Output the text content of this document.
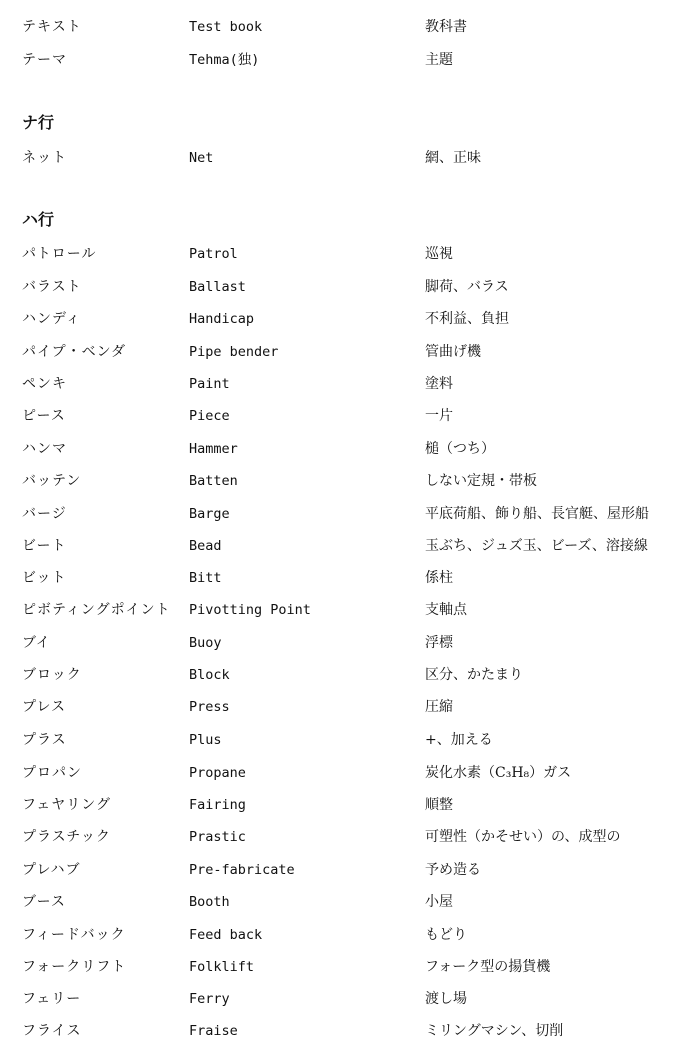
テキスト	Test book	教科書
テーマ	Tehma(独)	主題
ナ行
ネット	Net	網、正味
ハ行
パトロール	Patrol	巡視
バラスト	Ballast	脚荷、バラス
ハンディ	Handicap	不利益、負担
パイプ・ベンダ	Pipe bender	管曲げ機
ペンキ	Paint	塗料
ピース	Piece	一片
ハンマ	Hammer	槌（つち）
バッテン	Batten	しない定規・帯板
バージ	Barge	平底荷船、飾り船、長官艇、屋形船
ビート	Bead	玉ぶち、ジュズ玉、ビーズ、溶接線
ビット	Bitt	係柱
ピボティングポイント Pivotting Point	支軸点
ブイ	Buoy	浮標
ブロック	Block	区分、かたまり
プレス	Press	圧縮
プラス	Plus	+、加える
プロパン	Propane	炭化水素（C₃H₈）ガス
フェヤリング	Fairing	順整
プラスチック	Prastic	可塑性（かそせい）の、成型の
プレハブ	Pre-fabricate	予め造る
ブース	Booth	小屋
フィードバック	Feed back	もどり
フォークリフト	Folklift	フォーク型の揚貨機
フェリー	Ferry	渡し場
フライス	Fraise	ミリングマシン、切削
